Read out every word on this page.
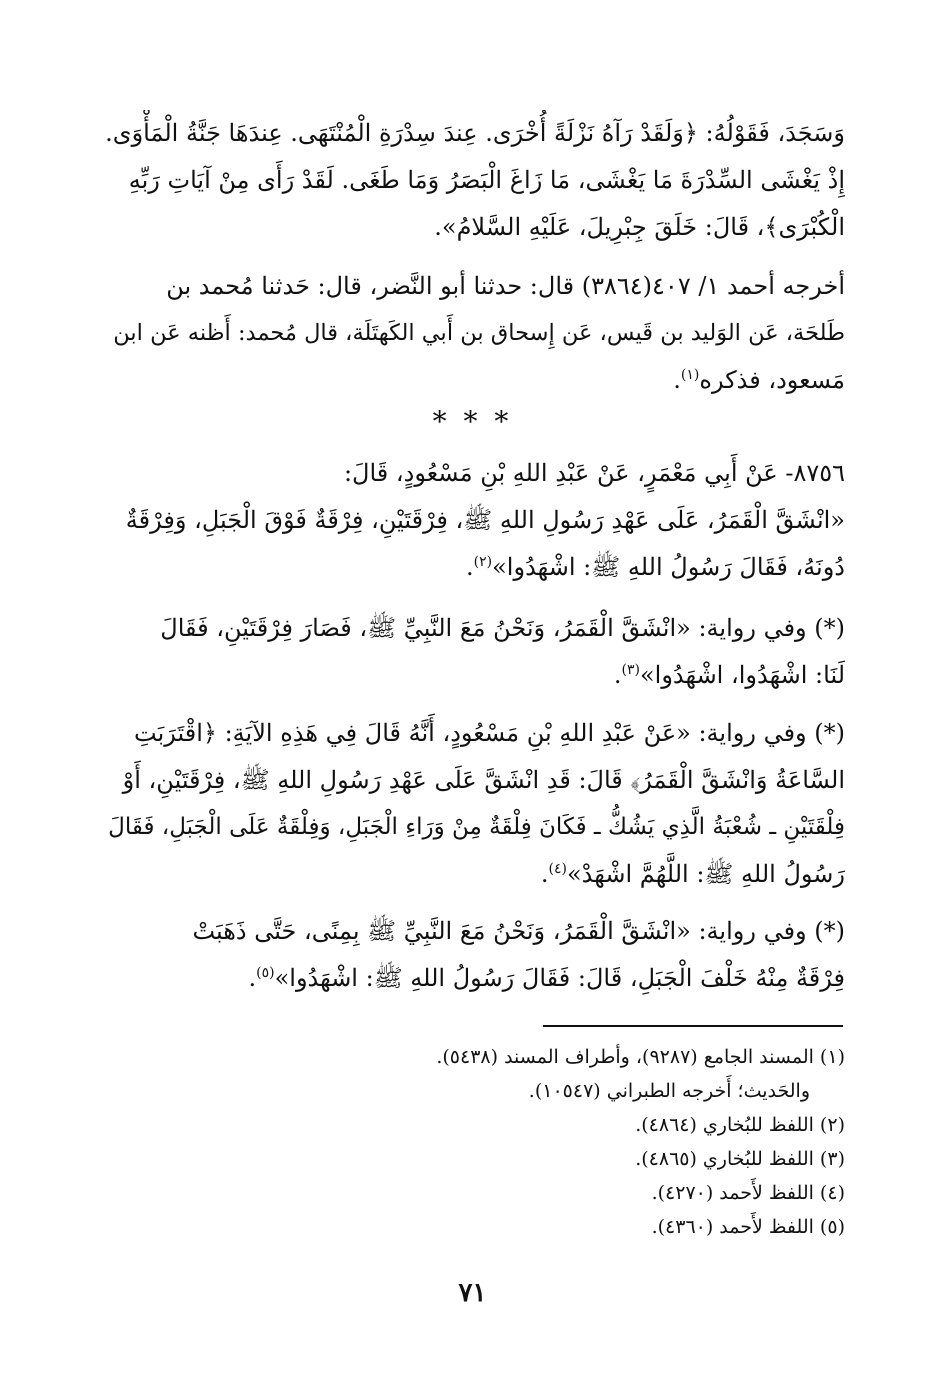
وَسَجَدَ، فَقَوْلُهُ: ﴿وَلَقَدْ رَآهُ نَزْلَةً أُخْرَى. عِندَ سِدْرَةِ الْمُنْتَهَى. عِندَهَا جَنَّةُ الْمَأْوَى.
إِذْ يَغْشَى السِّدْرَةَ مَا يَغْشَى، مَا زَاغَ الْبَصَرُ وَمَا طَغَى. لَقَدْ رَأَى مِنْ آيَاتِ رَبِّهِ
الْكُبْرَى﴾، قَالَ: خَلَقَ جِبْرِيلَ، عَلَيْهِ السَّلامُ».
أخرجه أحمد ١/ ٤٠٧(٣٨٦٤) قال: حدثنا أبو النَّضر، قال: حَدثنا مُحمد بن
طَلحَة، عَن الوَليد بن قَيس، عَن إِسحاق بن أَبي الكَهتَلَة، قال مُحمد: أَظنه عَن ابن
مَسعود، فذكره$^{(١)}$.
* * *
٨٧٥٦- عَنْ أَبِي مَعْمَرٍ، عَنْ عَبْدِ اللهِ بْنِ مَسْعُودٍ، قَالَ:
«انْشَقَّ الْقَمَرُ، عَلَى عَهْدِ رَسُولِ اللهِ ﷺ، فِرْقَتَيْنِ، فِرْقَةٌ فَوْقَ الْجَبَلِ، وَفِرْقَةٌ
دُونَهُ، فَقَالَ رَسُولُ اللهِ ﷺ: اشْهَدُوا»$^{(٢)}$.
(*) وفي رواية: «انْشَقَّ الْقَمَرُ، وَنَحْنُ مَعَ النَّبِيِّ ﷺ، فَصَارَ فِرْقَتَيْنِ، فَقَالَ
لَنَا: اشْهَدُوا، اشْهَدُوا»$^{(٣)}$.
(*) وفي رواية: «عَنْ عَبْدِ اللهِ بْنِ مَسْعُودٍ، أَنَّهُ قَالَ فِي هَذِهِ الآيَةِ: ﴿اقْتَرَبَتِ
السَّاعَةُ وَانْشَقَّ الْقَمَرُ﴾ قَالَ: قَدِ انْشَقَّ عَلَى عَهْدِ رَسُولِ اللهِ ﷺ، فِرْقَتَيْنِ، أَوْ
فِلْقَتَيْنِ ـ شُعْبَةُ الَّذِي يَشُكُّ ـ فَكَانَ فِلْقَةٌ مِنْ وَرَاءِ الْجَبَلِ، وَفِلْقَةٌ عَلَى الْجَبَلِ، فَقَالَ
رَسُولُ اللهِ ﷺ: اللَّهُمَّ اشْهَدْ»$^{(٤)}$.
(*) وفي رواية: «انْشَقَّ الْقَمَرُ، وَنَحْنُ مَعَ النَّبِيِّ ﷺ بِمِنًى، حَتَّى ذَهَبَتْ
فِرْقَةٌ مِنْهُ خَلْفَ الْجَبَلِ، قَالَ: فَقَالَ رَسُولُ اللهِ ﷺ: اشْهَدُوا»$^{(٥)}$.
(١) المسند الجامع (٩٢٨٧)، وأطراف المسند (٥٤٣٨).
والحَديث؛ أَخرجه الطبراني (١٠٥٤٧).
(٢) اللفظ للبُخاري (٤٨٦٤).
(٣) اللفظ للبُخاري (٤٨٦٥).
(٤) اللفظ لأَحمد (٤٢٧٠).
(٥) اللفظ لأَحمد (٤٣٦٠).
٧١
